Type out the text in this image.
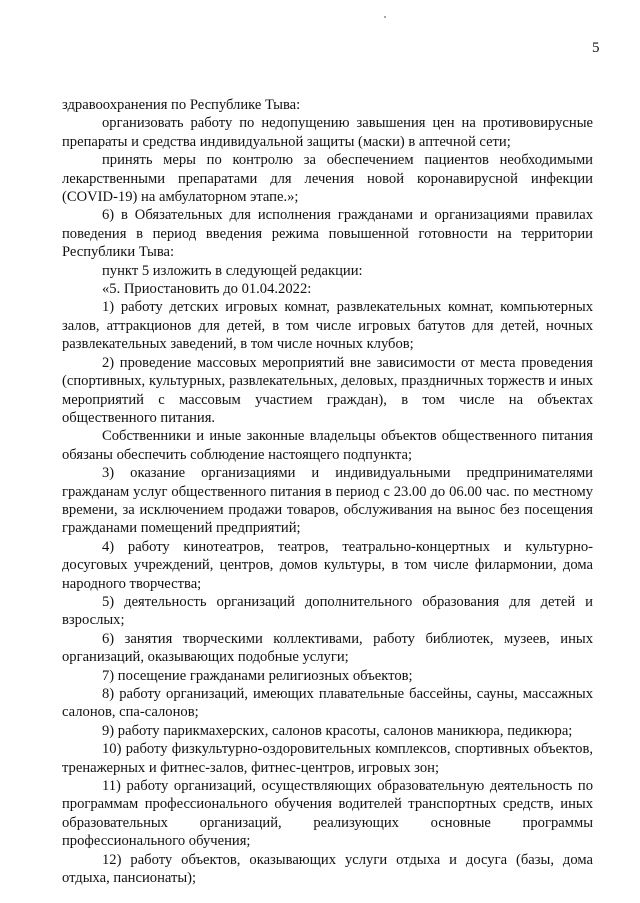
5

здравоохранения по Республике Тыва:

организовать работу по недопущению завышения цен на противовирусные препараты и средства индивидуальной защиты (маски) в аптечной сети;

принять меры по контролю за обеспечением пациентов необходимыми лекарственными препаратами для лечения новой коронавирусной инфекции (COVID-19) на амбулаторном этапе.»;

6) в Обязательных для исполнения гражданами и организациями правилах поведения в период введения режима повышенной готовности на территории Республики Тыва:

пункт 5 изложить в следующей редакции:

«5. Приостановить до 01.04.2022:

1) работу детских игровых комнат, развлекательных комнат, компьютерных залов, аттракционов для детей, в том числе игровых батутов для детей, ночных развлекательных заведений, в том числе ночных клубов;

2) проведение массовых мероприятий вне зависимости от места проведения (спортивных, культурных, развлекательных, деловых, праздничных торжеств и иных мероприятий с массовым участием граждан), в том числе на объектах общественного питания.

Собственники и иные законные владельцы объектов общественного питания обязаны обеспечить соблюдение настоящего подпункта;

3) оказание организациями и индивидуальными предпринимателями гражданам услуг общественного питания в период с 23.00 до 06.00 час. по местному времени, за исключением продажи товаров, обслуживания на вынос без посещения гражданами помещений предприятий;

4) работу кинотеатров, театров, театрально-концертных и культурно-досуговых учреждений, центров, домов культуры, в том числе филармонии, дома народного творчества;

5) деятельность организаций дополнительного образования для детей и взрослых;

6) занятия творческими коллективами, работу библиотек, музеев, иных организаций, оказывающих подобные услуги;

7) посещение гражданами религиозных объектов;

8) работу организаций, имеющих плавательные бассейны, сауны, массажных салонов, спа-салонов;

9) работу парикмахерских, салонов красоты, салонов маникюра, педикюра;

10) работу физкультурно-оздоровительных комплексов, спортивных объектов, тренажерных и фитнес-залов, фитнес-центров, игровых зон;

11) работу организаций, осуществляющих образовательную деятельность по программам профессионального обучения водителей транспортных средств, иных образовательных организаций, реализующих основные программы профессионального обучения;

12) работу объектов, оказывающих услуги отдыха и досуга (базы, дома отдыха, пансионаты);
